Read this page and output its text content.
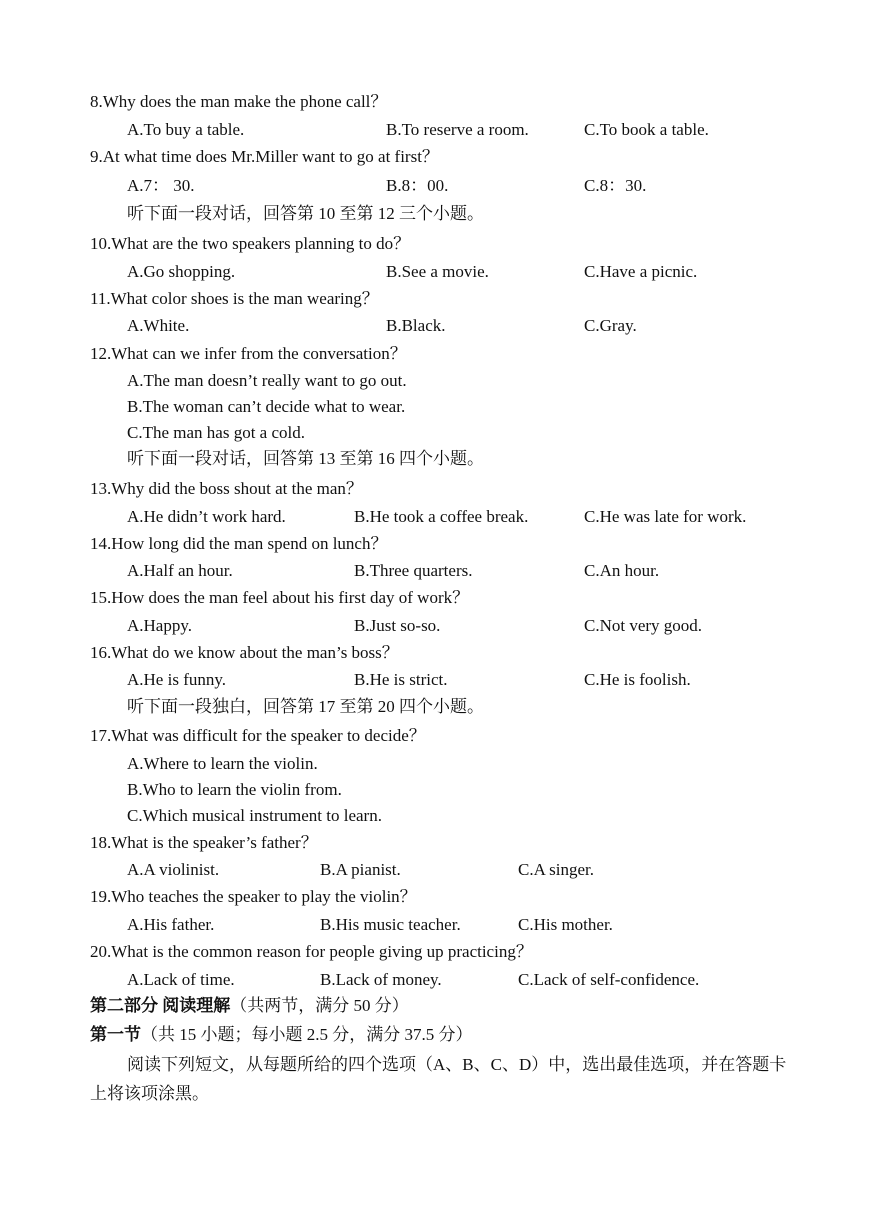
8.Why does the man make the phone call？
A.To buy a table.	B.To reserve a room.	C.To book a table.
9.At what time does Mr.Miller want to go at first？
A.7： 30.	B.8：00.	C.8：30.
听下面一段对话，回答第 10 至第 12 三个小题。
10.What are the two speakers planning to do？
A.Go shopping.	B.See a movie.	C.Have a picnic.
11.What color shoes is the man wearing？
A.White.	B.Black.	C.Gray.
12.What can we infer from the conversation？
A.The man doesn’t really want to go out.
B.The woman can’t decide what to wear.
C.The man has got a cold.
听下面一段对话，回答第 13 至第 16 四个小题。
13.Why did the boss shout at the man？
A.He didn’t work hard.	B.He took a coffee break.	C.He was late for work.
14.How long did the man spend on lunch？
A.Half an hour.	B.Three quarters.	C.An hour.
15.How does the man feel about his first day of work？
A.Happy.	B.Just so-so.	C.Not very good.
16.What do we know about the man’s boss？
A.He is funny.	B.He is strict.	C.He is foolish.
听下面一段独白，回答第 17 至第 20 四个小题。
17.What was difficult for the speaker to decide？
A.Where to learn the violin.
B.Who to learn the violin from.
C.Which musical instrument to learn.
18.What is the speaker’s father？
A.A violinist.	B.A pianist.	C.A singer.
19.Who teaches the speaker to play the violin？
A.His father.	B.His music teacher.	C.His mother.
20.What is the common reason for people giving up practicing？
A.Lack of time.	B.Lack of money.	C.Lack of self-confidence.
第二部分 阅读理解（共两节，满分 50 分）
第一节（共 15 小题；每小题 2.5 分，满分 37.5 分）
阅读下列短文，从每题所给的四个选项（A、B、C、D）中，选出最佳选项，并在答题卡上将该项涂黑。
